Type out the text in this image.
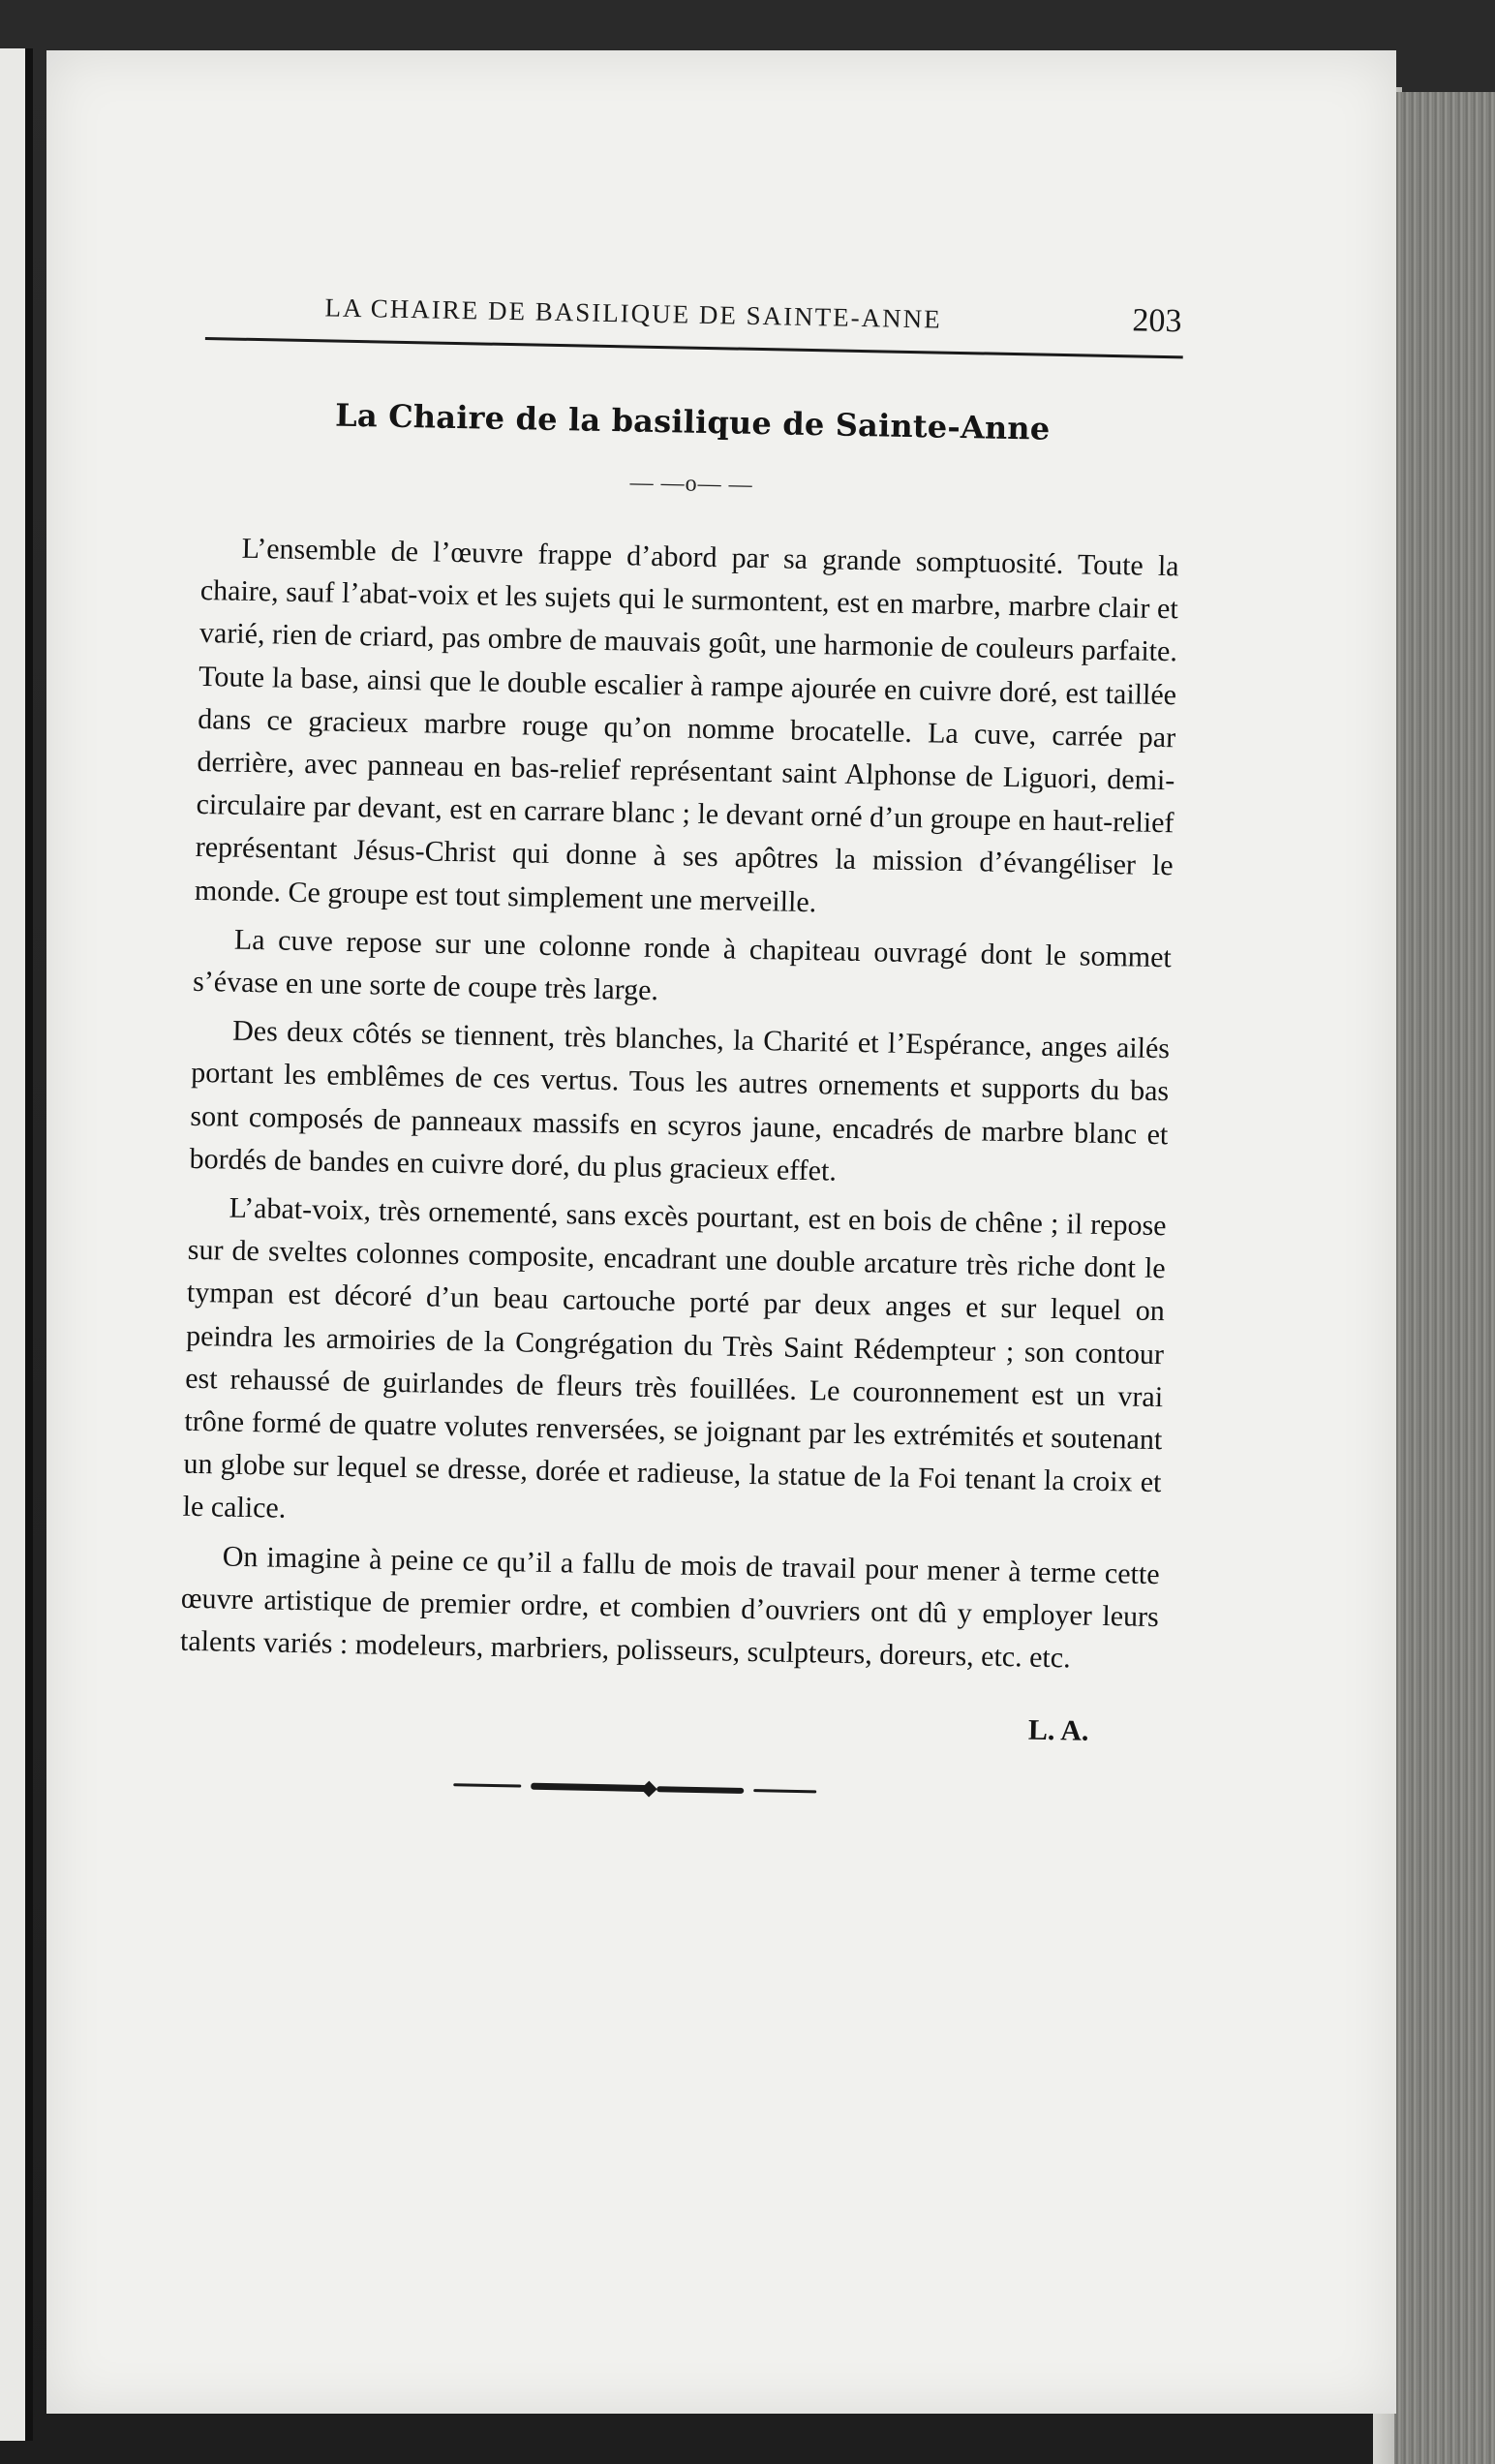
LA CHAIRE DE BASILIQUE DE SAINTE-ANNE	203
La Chaire de la basilique de Sainte-Anne
— —o— —

L’ensemble de l’œuvre frappe d’abord par sa grande somptuosité. Toute la chaire, sauf l’abat-voix et les sujets qui le surmontent, est en marbre, marbre clair et varié, rien de criard, pas ombre de mauvais goût, une harmonie de couleurs parfaite. Toute la base, ainsi que le double escalier à rampe ajourée en cuivre doré, est taillée dans ce gracieux marbre rouge qu’on nomme brocatelle. La cuve, carrée par derrière, avec panneau en bas-relief représentant saint Alphonse de Liguori, demi-circulaire par devant, est en carrare blanc ; le devant orné d’un groupe en haut-relief représentant Jésus-Christ qui donne à ses apôtres la mission d’évangéliser le monde. Ce groupe est tout simplement une merveille.

La cuve repose sur une colonne ronde à chapiteau ouvragé dont le sommet s’évase en une sorte de coupe très large.

Des deux côtés se tiennent, très blanches, la Charité et l’Espérance, anges ailés portant les emblêmes de ces vertus. Tous les autres ornements et supports du bas sont composés de panneaux massifs en scyros jaune, encadrés de marbre blanc et bordés de bandes en cuivre doré, du plus gracieux effet.

L’abat-voix, très ornementé, sans excès pourtant, est en bois de chêne ; il repose sur de sveltes colonnes composite, encadrant une double arcature très riche dont le tympan est décoré d’un beau cartouche porté par deux anges et sur lequel on peindra les armoiries de la Congrégation du Très Saint Rédempteur ; son contour est rehaussé de guirlandes de fleurs très fouillées. Le couronnement est un vrai trône formé de quatre volutes renversées, se joignant par les extrémités et soutenant un globe sur lequel se dresse, dorée et radieuse, la statue de la Foi tenant la croix et le calice.

On imagine à peine ce qu’il a fallu de mois de travail pour mener à terme cette œuvre artistique de premier ordre, et combien d’ouvriers ont dû y employer leurs talents variés : modeleurs, marbriers, polisseurs, sculpteurs, doreurs, etc. etc.

L. A.
